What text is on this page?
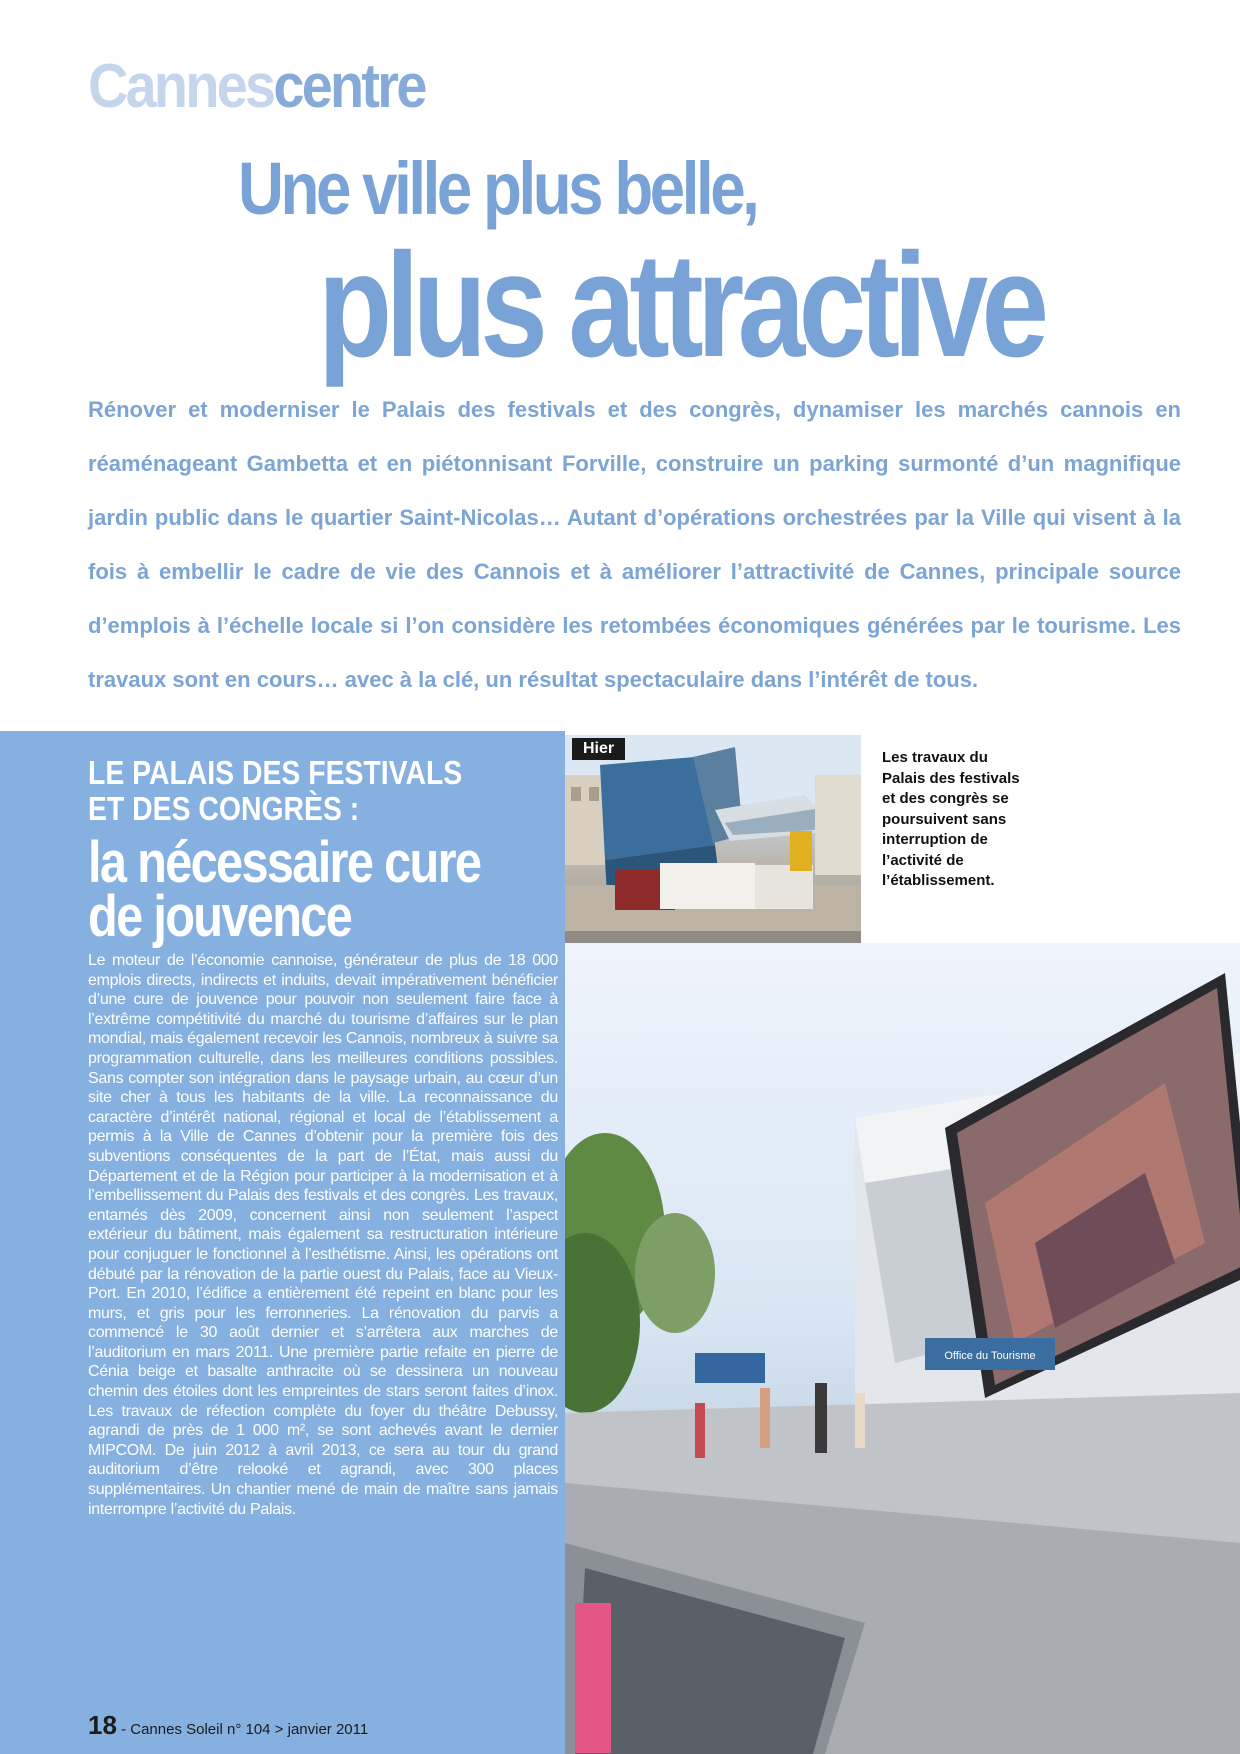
Cannescentre
Une ville plus belle,
plus attractive
Rénover et moderniser le Palais des festivals et des congrès, dynamiser les marchés cannois en réaménageant Gambetta et en piétonnisant Forville, construire un parking surmonté d’un magnifique jardin public dans le quartier Saint-Nicolas… Autant d’opérations orchestrées par la Ville qui visent à la fois à embellir le cadre de vie des Cannois et à améliorer l’attractivité de Cannes, principale source d’emplois à l’échelle locale si l’on considère les retombées économiques générées par le tourisme. Les travaux sont en cours… avec à la clé, un résultat spectaculaire dans l’intérêt de tous.
LE PALAIS DES FESTIVALS
ET DES CONGRÈS :
la nécessaire cure
de jouvence
Le moteur de l’économie cannoise, générateur de plus de 18 000 emplois directs, indirects et induits, devait impérativement bénéficier d’une cure de jouvence pour pouvoir non seulement faire face à l’extrême compétitivité du marché du tourisme d’affaires sur le plan mondial, mais également recevoir les Cannois, nombreux à suivre sa programmation culturelle, dans les meilleures conditions possibles. Sans compter son intégration dans le paysage urbain, au cœur d’un site cher à tous les habitants de la ville. La reconnaissance du caractère d’intérêt national, régional et local de l’établissement a permis à la Ville de Cannes d’obtenir pour la première fois des subventions conséquentes de la part de l’État, mais aussi du Département et de la Région pour participer à la modernisation et à l’embellissement du Palais des festivals et des congrès. Les travaux, entamés dès 2009, concernent ainsi non seulement l’aspect extérieur du bâtiment, mais également sa restructuration intérieure pour conjuguer le fonctionnel à l’esthétisme. Ainsi, les opérations ont débuté par la rénovation de la partie ouest du Palais, face au Vieux-Port. En 2010, l’édifice a entièrement été repeint en blanc pour les murs, et gris pour les ferronneries. La rénovation du parvis a commencé le 30 août dernier et s’arrêtera aux marches de l’auditorium en mars 2011. Une première partie refaite en pierre de Cénia beige et basalte anthracite où se dessinera un nouveau chemin des étoiles dont les empreintes de stars seront faites d’inox. Les travaux de réfection complète du foyer du théâtre Debussy, agrandi de près de 1 000 m², se sont achevés avant le dernier MIPCOM. De juin 2012 à avril 2013, ce sera au tour du grand auditorium d’être relooké et agrandi, avec 300 places supplémentaires. Un chantier mené de main de maître sans jamais interrompre l’activité du Palais.
18 - Cannes Soleil n° 104 > janvier 2011
Hier
Les travaux du Palais des festivals et des congrès se poursuivent sans interruption de l’activité de l’établissement.
Office du Tourisme
